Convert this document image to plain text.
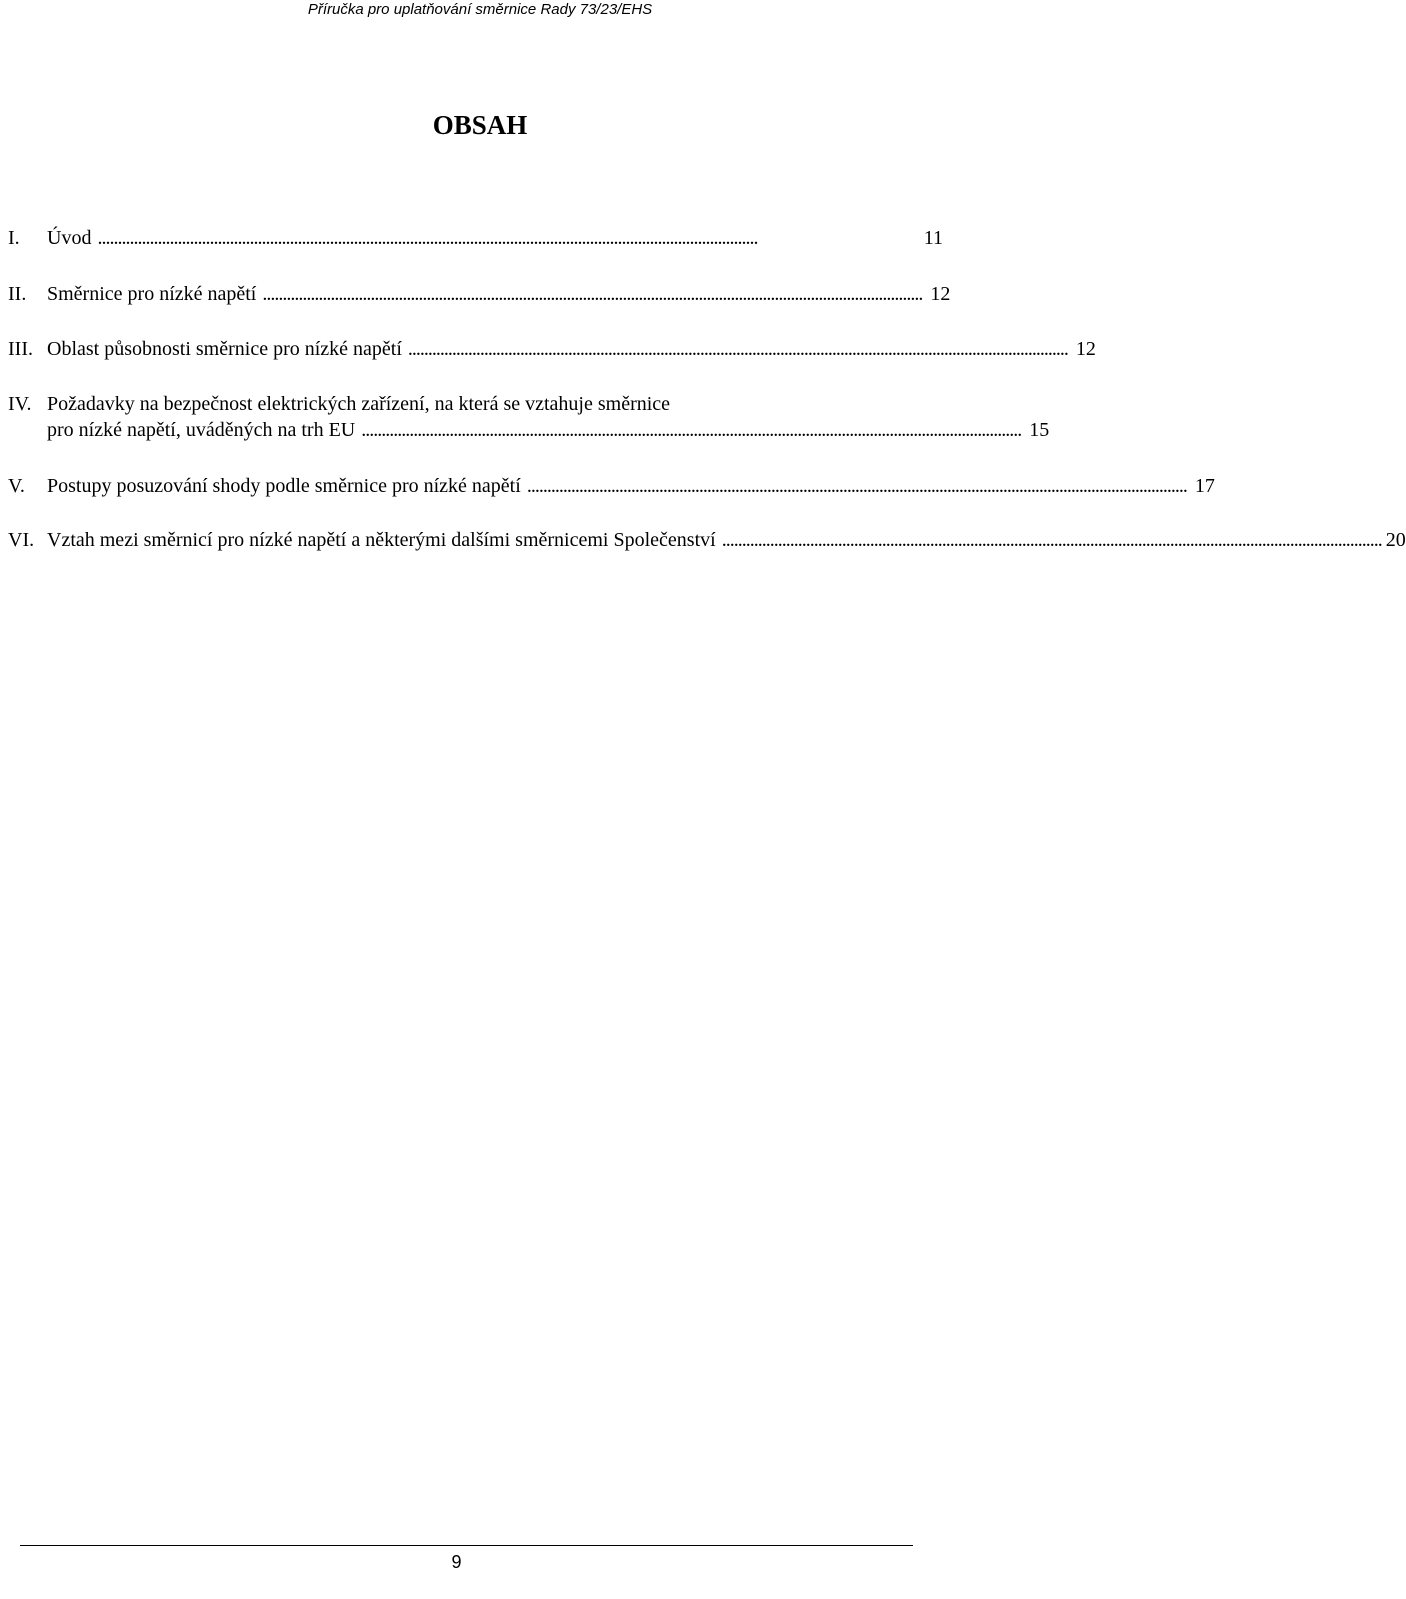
Příručka pro uplatňování směrnice Rady 73/23/EHS
OBSAH
I.	Úvod . . .	11
II.	Směrnice pro nízké napětí . . .	12
III. Oblast působnosti směrnice pro nízké napětí . . .	12
IV. Požadavky na bezpečnost elektrických zařízení, na která se vztahuje směrnice
pro nízké napětí, uváděných na trh EU . . .	15
V.	Postupy posuzování shody podle směrnice pro nízké napětí . . .	17
VI. Vztah mezi směrnicí pro nízké napětí a některými dalšími směrnicemi Společenství . . .	20
9
